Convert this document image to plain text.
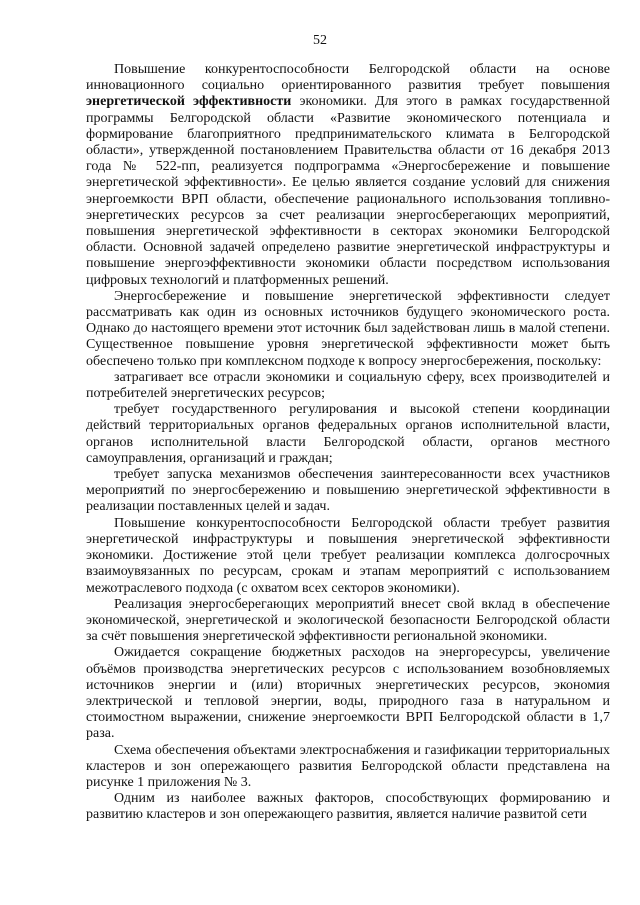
52

Повышение конкурентоспособности Белгородской области на основе инновационного социально ориентированного развития требует повышения энергетической эффективности экономики. Для этого в рамках государственной программы Белгородской области «Развитие экономического потенциала и формирование благоприятного предпринимательского климата в Белгородской области», утвержденной постановлением Правительства области от 16 декабря 2013 года № 522-пп, реализуется подпрограмма «Энергосбережение и повышение энергетической эффективности». Ее целью является создание условий для снижения энергоемкости ВРП области, обеспечение рационального использования топливно-энергетических ресурсов за счет реализации энергосберегающих мероприятий, повышения энергетической эффективности в секторах экономики Белгородской области. Основной задачей определено развитие энергетической инфраструктуры и повышение энергоэффективности экономики области посредством использования цифровых технологий и платформенных решений.

Энергосбережение и повышение энергетической эффективности следует рассматривать как один из основных источников будущего экономического роста. Однако до настоящего времени этот источник был задействован лишь в малой степени. Существенное повышение уровня энергетической эффективности может быть обеспечено только при комплексном подходе к вопросу энергосбережения, поскольку:

затрагивает все отрасли экономики и социальную сферу, всех производителей и потребителей энергетических ресурсов;

требует государственного регулирования и высокой степени координации действий территориальных органов федеральных органов исполнительной власти, органов исполнительной власти Белгородской области, органов местного самоуправления, организаций и граждан;

требует запуска механизмов обеспечения заинтересованности всех участников мероприятий по энергосбережению и повышению энергетической эффективности в реализации поставленных целей и задач.

Повышение конкурентоспособности Белгородской области требует развития энергетической инфраструктуры и повышения энергетической эффективности экономики. Достижение этой цели требует реализации комплекса долгосрочных взаимоувязанных по ресурсам, срокам и этапам мероприятий с использованием межотраслевого подхода (с охватом всех секторов экономики).

Реализация энергосберегающих мероприятий внесет свой вклад в обеспечение экономической, энергетической и экологической безопасности Белгородской области за счёт повышения энергетической эффективности региональной экономики.

Ожидается сокращение бюджетных расходов на энергоресурсы, увеличение объёмов производства энергетических ресурсов с использованием возобновляемых источников энергии и (или) вторичных энергетических ресурсов, экономия электрической и тепловой энергии, воды, природного газа в натуральном и стоимостном выражении, снижение энергоемкости ВРП Белгородской области в 1,7 раза.

Схема обеспечения объектами электроснабжения и газификации территориальных кластеров и зон опережающего развития Белгородской области представлена на рисунке 1 приложения № 3.

Одним из наиболее важных факторов, способствующих формированию и развитию кластеров и зон опережающего развития, является наличие развитой сети
